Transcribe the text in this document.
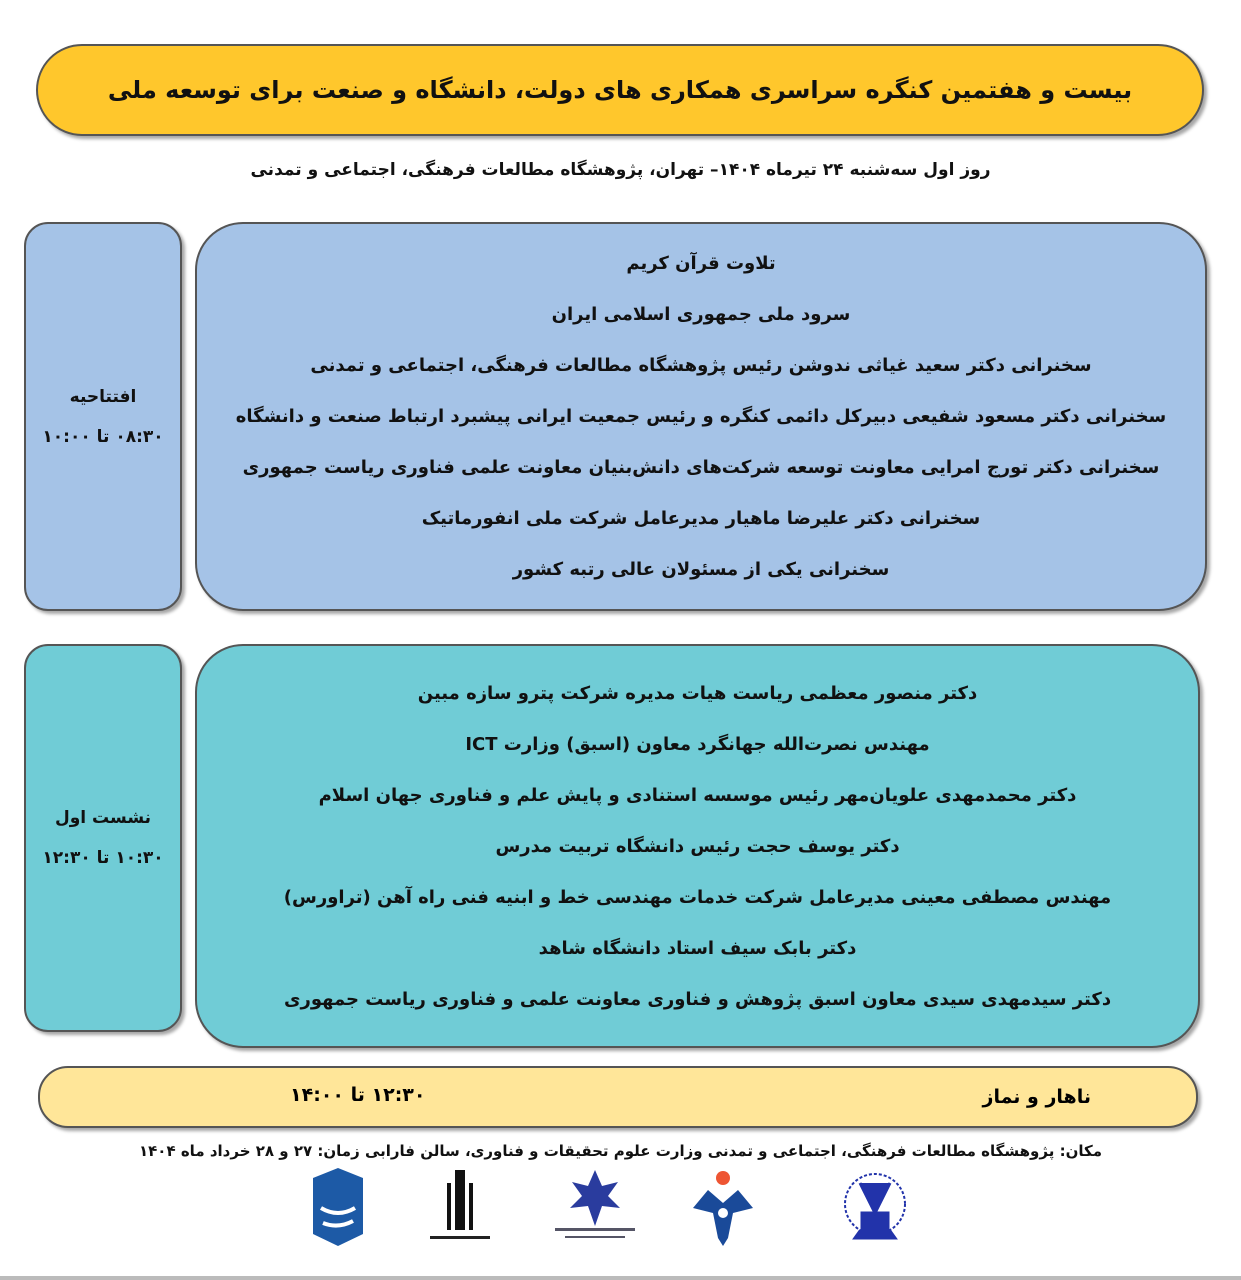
بیست و هفتمین کنگره سراسری همکاری های دولت، دانشگاه و صنعت برای توسعه ملی
روز اول سه‌شنبه ۲۴ تیرماه ۱۴۰۴– تهران، پژوهشگاه مطالعات فرهنگی، اجتماعی و تمدنی
افتتاحیه
۰۸:۳۰ تا ۱۰:۰۰
تلاوت قرآن کریم
سرود ملی جمهوری اسلامی ایران
سخنرانی دکتر سعید غیاثی ندوشن رئیس پژوهشگاه مطالعات فرهنگی، اجتماعی و تمدنی
سخنرانی دکتر مسعود شفیعی دبیرکل دائمی کنگره و رئیس جمعیت ایرانی پیشبرد ارتباط صنعت و دانشگاه
سخنرانی دکتر تورج امرایی معاونت توسعه شرکت‌های دانش‌بنیان معاونت علمی فناوری ریاست جمهوری
سخنرانی دکتر علیرضا ماهیار مدیرعامل شرکت ملی انفورماتیک
سخنرانی یکی از مسئولان عالی رتبه کشور
نشست اول
۱۰:۳۰ تا ۱۲:۳۰
دکتر منصور معظمی ریاست هیات مدیره شرکت پترو سازه مبین
مهندس نصرت‌الله جهانگرد معاون (اسبق) وزارت ICT
دکتر محمدمهدی علویان‌مهر رئیس موسسه استنادی و پایش علم و فناوری جهان اسلام
دکتر یوسف حجت رئیس دانشگاه تربیت مدرس
مهندس مصطفی معینی مدیرعامل شرکت خدمات مهندسی خط و ابنیه فنی راه آهن (تراورس)
دکتر بابک سیف استاد دانشگاه شاهد
دکتر سیدمهدی سیدی معاون اسبق پژوهش و فناوری معاونت علمی و فناوری ریاست جمهوری
ناهار و نماز
۱۲:۳۰ تا ۱۴:۰۰
مکان: پژوهشگاه مطالعات فرهنگی، اجتماعی و تمدنی وزارت علوم تحقیقات و فناوری، سالن فارابی زمان: ۲۷ و ۲۸ خرداد ماه ۱۴۰۴
